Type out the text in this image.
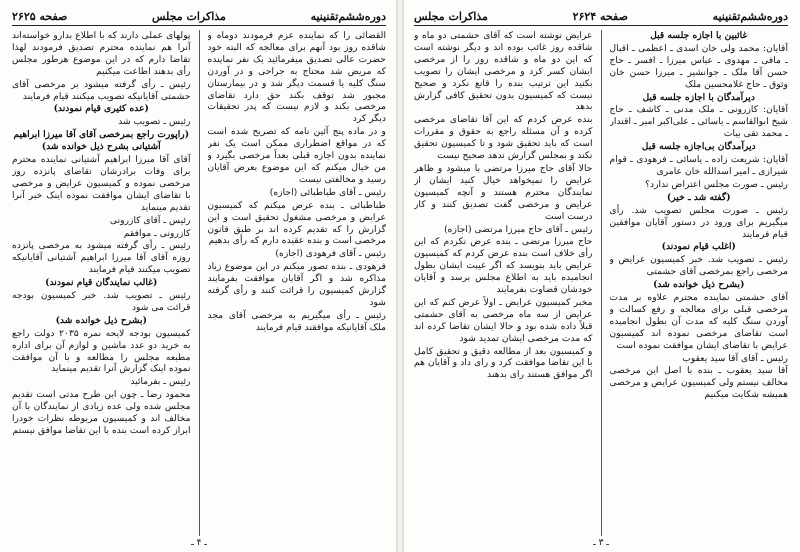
دوره‌ششم‌تقنينيه
مذاكرات مجلس
صفحه ۲۶۲۵

القضائی را که نماینده عزم فرمودند دوماه و شاقده روز بود آنهم برای معالجه که البته خود حضرت عالی تصدیق میفرمائید یک نفر نماینده که مریض شد محتاج به جراحی و در آوردن سنگ کلیه یا قسمت دیگر شد و در بیمارستان مجبور شد توقف بکند حق دارد تقاضای مرخصی بکند و لازم نیست که پدر تحقیقات دیگر کرد

و در ماده پنج آئین نامه که تصریح شده است که در مواقع اضطراری ممکن است یک نفر نماینده بدون اجازه قبلی بعداً مرخصی بگیرد و من خیال میکنم که این موضوع بعرض آقایان رسید و مخالفتی نیست

رئیس ـ آقای طباطبائی (اجازه)

طباطبائی ـ بنده عرض میکنم که کمیسیون عرایض و مرخصی مشغول تحقیق است و این گزارش را که تقدیم کرده اند بر طبق قانون مرخصی است و بنده عقیده دارم که رأی بدهیم

رئیس ـ آقای فرهودی (اجازه)

فرهودی ـ بنده تصور میکنم در این موضوع زیاد مذاکره شد و اگر آقایان موافقت بفرمایند گزارش کمیسیون را قرائت کنند و رأی گرفته شود

رئیس ـ رأی میگیریم به مرخصی آقای مجد ملک آقایانیکه موافقند قیام فرمایند

پولهای عملی دارند که با اطلاع بدارو خواسته‌اند آنرا هم نماینده محترم تصدیق فرمودند لهذا تقاضا دارم که در این موضوع هرطور مجلس رأی بدهند اطاعت میکنیم

رئیس ـ رأی گرفته میشود بر مرخصی آقای حشمتی آقایانیکه تصویب میکنند قیام فرمایند

(عده کثیری قیام نمودند)

رئیس ـ تصویب شد

(راپورت راجع بمرخصی آقای آقا میرزا ابراهیم آشتیانی بشرح ذیل خوانده شد)

آقای آقا میرزا ابراهیم آشتیانی نماینده محترم برای وفات برادرشان تقاضای پانزده روز مرخصی نموده و کمیسیون عرایض و مرخصی با تقاضای ایشان موافقت نموده اینک خبر آنرا تقدیم مینماید

رئیس ـ آقای کازرونی

کازرونی ـ موافقم

رئیس ـ رأی گرفته میشود به مرخصی پانزده روزه آقای آقا میرزا ابراهیم آشتیانی آقایانیکه تصویب میکنند قیام فرمایند

(غالب نمایندگان قیام نمودند)

رئیس ـ تصویب شد. خبر کمیسیون بودجه قرائت می شود

(بشرح ذیل خوانده شد)

کمیسیون بودجه لایحه نمره ۲۰۳۵ دولت راجع به خرید دو عدد ماشین و لوازم آن برای اداره مطبعه مجلس را مطالعه و با آن موافقت نموده اینک گزارش آنرا تقدیم مینماید

رئیس ـ بفرمائید

محمود رضا ـ چون این طرح مدتی است تقدیم مجلس شده ولی عده زیادی از نمایندگان با آن مخالف اند و کمیسیون مربوطه نظرات خودرا ابراز کرده است بنده با این تقاضا موافق نیستم

ـ ۴ ـ
دوره‌ششم‌تقنينيه
صفحه ۲۶۲۴
مذاكرات مجلس

غائبین با اجازه جلسه قبل

آقایان: محمد ولی خان اسدی ـ اعظمی ـ اقبال ـ مافی ـ مهدوی ـ عباس میرزا ـ افسر ـ حاج حسن آقا ملک ـ جوانشیر ـ میرزا حسن خان وثوق ـ حاج غلامحسین ملک

دیرآمدگان با اجازه جلسه قبل

آقایان: کازرونی ـ ملک مدنی ـ کاشف ـ حاج شیخ ابوالقاسم ـ یاسائی ـ علی‌اکبر امیر ـ اقتدار ـ محمد تقی بیات

دیرآمدگان بی‌اجازه جلسه قبل

آقایان: شریعت زاده ـ یاسائی ـ فرهودی ـ قوام شیرازی ـ امیر اسدالله خان عامری

رئیس ـ صورت مجلس اعتراض ندارد؟

(گفته شد ـ خیر)

رئیس ـ صورت مجلس تصویب شد. رأی میگیریم برای ورود در دستور آقایان موافقین قیام فرمایند

(اغلب قیام نمودند)

رئیس ـ تصویب شد. خبر کمیسیون عرایض و مرخصی راجع بمرخصی آقای حشمتی

(بشرح ذیل خوانده شد)

آقای حشمتی نماینده محترم علاوه بر مدت مرخصی قبلی برای معالجه و رفع کسالت و آوردن سنگ کلیه که مدت آن بطول انجامیده است تقاضای مرخصی نموده اند کمیسیون عرایض با تقاضای ایشان موافقت نموده است

رئیس ـ آقای آقا سید یعقوب

آقا سید یعقوب ـ بنده با اصل این مرخصی مخالف نیستم ولی کمیسیون عرایض و مرخصی همیشه شکایت میکنیم

عرایض نوشته است که آقای حشمتی دو ماه و شاقده روز غائب بوده اند و دیگر نوشته است که این دو ماه و شاقده روز را از مرخصی ایشان کسر کرد و مرخصی ایشان را تصویب بکنید این ترتیب بنده را قانع نکرد و صحیح نیست که کمیسیون بدون تحقیق کافی گزارش بدهد

بنده عرض کردم که این آقا تقاضای مرخصی کرده و آن مسئله راجع به حقوق و مقررات است که باید تحقیق شود و تا کمیسیون تحقیق نکند و بمجلس گزارش ندهد صحیح نیست

حالا آقای حاج میرزا مرتضی با میشود و ظاهر عرایض را نمیخواهد خیال کنید ایشان از نمایندگان محترم هستند و آنچه کمیسیون عرایض و مرخصی گفت تصدیق کنند و کار درست است

رئیس ـ آقای حاج میرزا مرتضی (اجازه)

حاج میرزا مرتضی ـ بنده عرض نکردم که این رأی خلاف است بنده عرض کردم که کمیسیون عرایض باید بنویسد که اگر غیبت ایشان بطول انجامیده باید به اطلاع مجلس برسد و آقایان خودشان قضاوت بفرمایند

مخبر کمیسیون عرایض ـ اولاً عرض کنم که این عرایض از سه ماه مرخصی به آقای حشمتی قبلاً داده شده بود و حالا ایشان تقاضا کرده اند که مدت مرخصی ایشان تمدید شود

و کمیسیون بعد از مطالعه دقیق و تحقیق کامل با این تقاضا موافقت کرد و رای داد و آقایان هم اگر موافق هستند رای بدهند

ـ ۳ ـ
